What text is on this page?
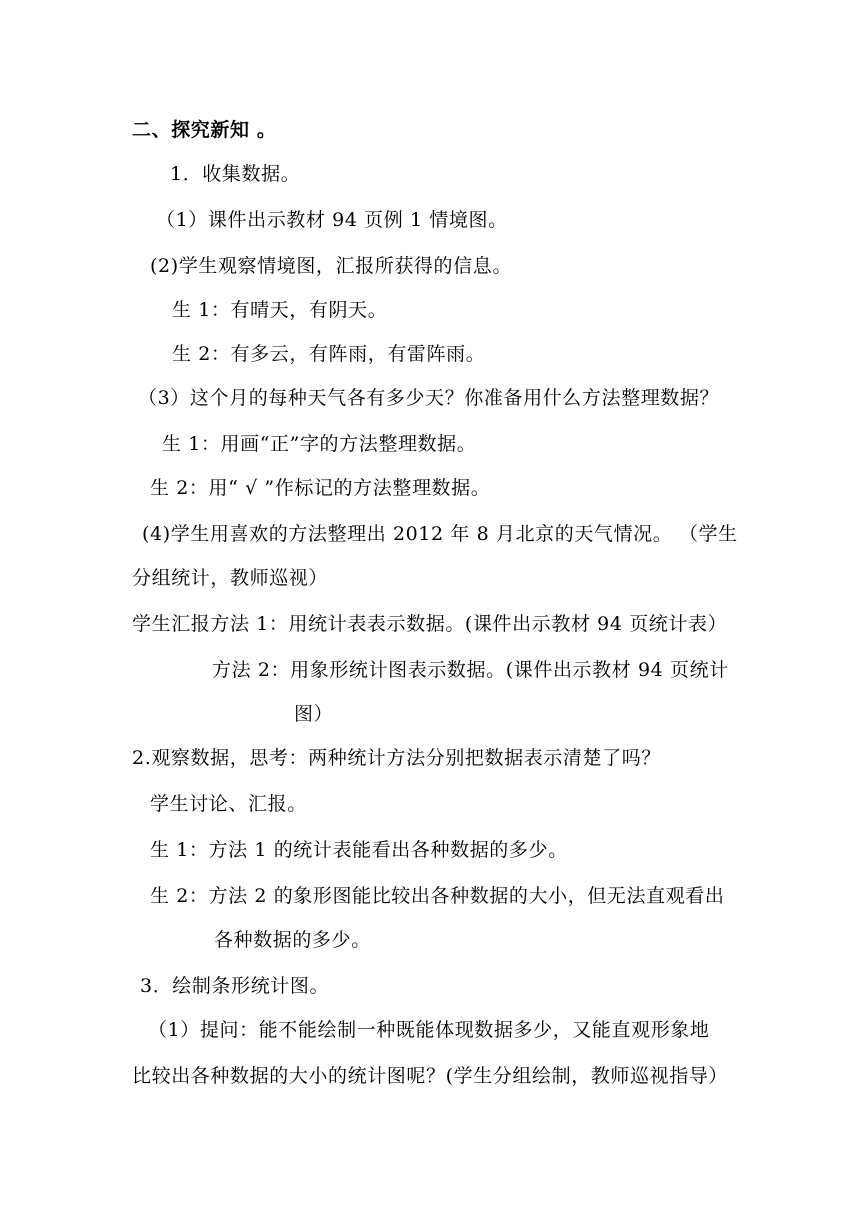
二、探究新知 。
1．收集数据。
（1）课件出示教材 94 页例 1 情境图。
(2)学生观察情境图，汇报所获得的信息。
生 1：有晴天，有阴天。
生 2：有多云，有阵雨，有雷阵雨。
（3）这个月的每种天气各有多少天？你准备用什么方法整理数据？
生 1：用画“正”字的方法整理数据。
生 2：用“ √ ”作标记的方法整理数据。
(4)学生用喜欢的方法整理出 2012 年 8 月北京的天气情况。 （学生
分组统计，教师巡视）
学生汇报方法 1：用统计表表示数据。(课件出示教材 94 页统计表）
方法 2：用象形统计图表示数据。(课件出示教材 94 页统计
图）
2.观察数据，思考：两种统计方法分别把数据表示清楚了吗？
学生讨论、汇报。
生 1：方法 1 的统计表能看出各种数据的多少。
生 2：方法 2 的象形图能比较出各种数据的大小，但无法直观看出
各种数据的多少。
3．绘制条形统计图。
（1）提问：能不能绘制一种既能体现数据多少，又能直观形象地
比较出各种数据的大小的统计图呢？(学生分组绘制，教师巡视指导）
